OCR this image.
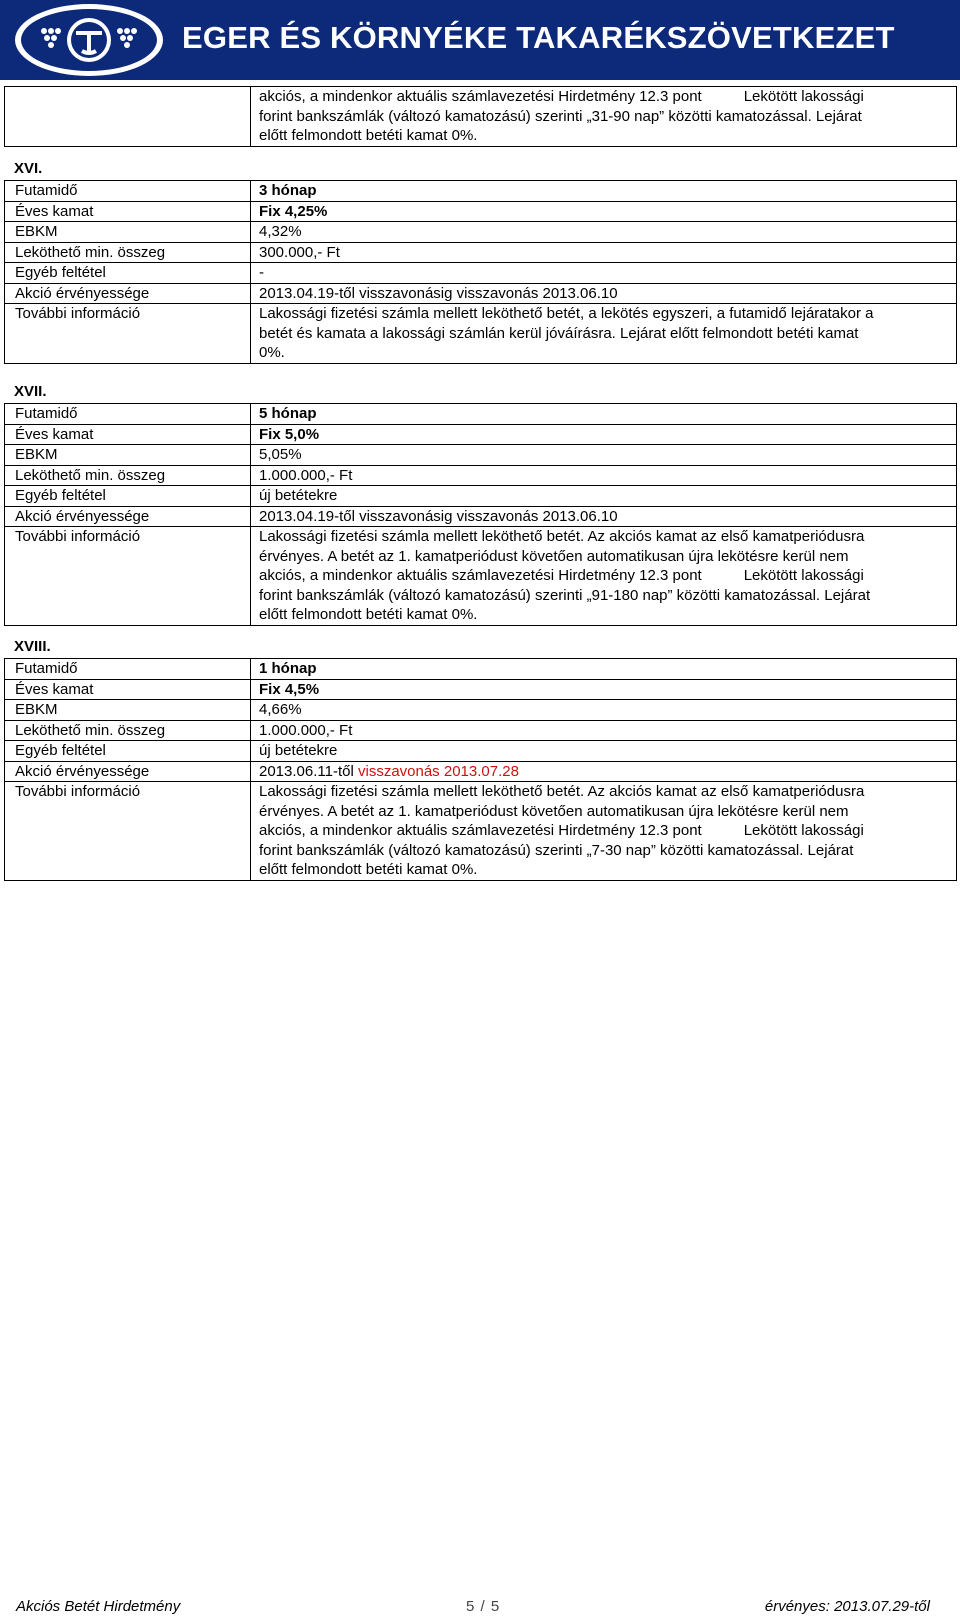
EGER ÉS KÖRNYÉKE TAKARÉKSZÖVETKEZET
	akciós, a mindenkor aktuális számlavezetési Hirdetmény 12.3 pont	Lekötött lakossági
forint bankszámlák (változó kamatozású) szerinti „31-90 nap” közötti kamatozással. Lejárat
előtt felmondott betéti kamat 0%.
XVI.
Futamidő	3 hónap
Éves kamat	Fix 4,25%
EBKM	4,32%
Leköthető min. összeg	300.000,- Ft
Egyéb feltétel	-
Akció érvényessége	2013.04.19-től visszavonásig visszavonás 2013.06.10
További információ	Lakossági fizetési számla mellett leköthető betét, a lekötés egyszeri, a futamidő lejáratakor a
betét és kamata a lakossági számlán kerül jóváírásra. Lejárat előtt felmondott betéti kamat
0%.
XVII.
Futamidő	5 hónap
Éves kamat	Fix 5,0%
EBKM	5,05%
Leköthető min. összeg	1.000.000,- Ft
Egyéb feltétel	új betétekre
Akció érvényessége	2013.04.19-től visszavonásig visszavonás 2013.06.10
További információ	Lakossági fizetési számla mellett leköthető betét. Az akciós kamat az első kamatperiódusra
érvényes. A betét az 1. kamatperiódust követően automatikusan újra lekötésre kerül nem
akciós, a mindenkor aktuális számlavezetési Hirdetmény 12.3 pont Lekötött lakossági
forint bankszámlák (változó kamatozású) szerinti „91-180 nap” közötti kamatozással. Lejárat
előtt felmondott betéti kamat 0%.
XVIII.
Futamidő	1 hónap
Éves kamat	Fix 4,5%
EBKM	4,66%
Leköthető min. összeg	1.000.000,- Ft
Egyéb feltétel	új betétekre
Akció érvényessége	2013.06.11-től visszavonás 2013.07.28
További információ	Lakossági fizetési számla mellett leköthető betét. Az akciós kamat az első kamatperiódusra
érvényes. A betét az 1. kamatperiódust követően automatikusan újra lekötésre kerül nem
akciós, a mindenkor aktuális számlavezetési Hirdetmény 12.3 pont Lekötött lakossági
forint bankszámlák (változó kamatozású) szerinti „7-30 nap” közötti kamatozással. Lejárat
előtt felmondott betéti kamat 0%.
Akciós Betét Hirdetmény	5 / 5	érvényes: 2013.07.29-től
